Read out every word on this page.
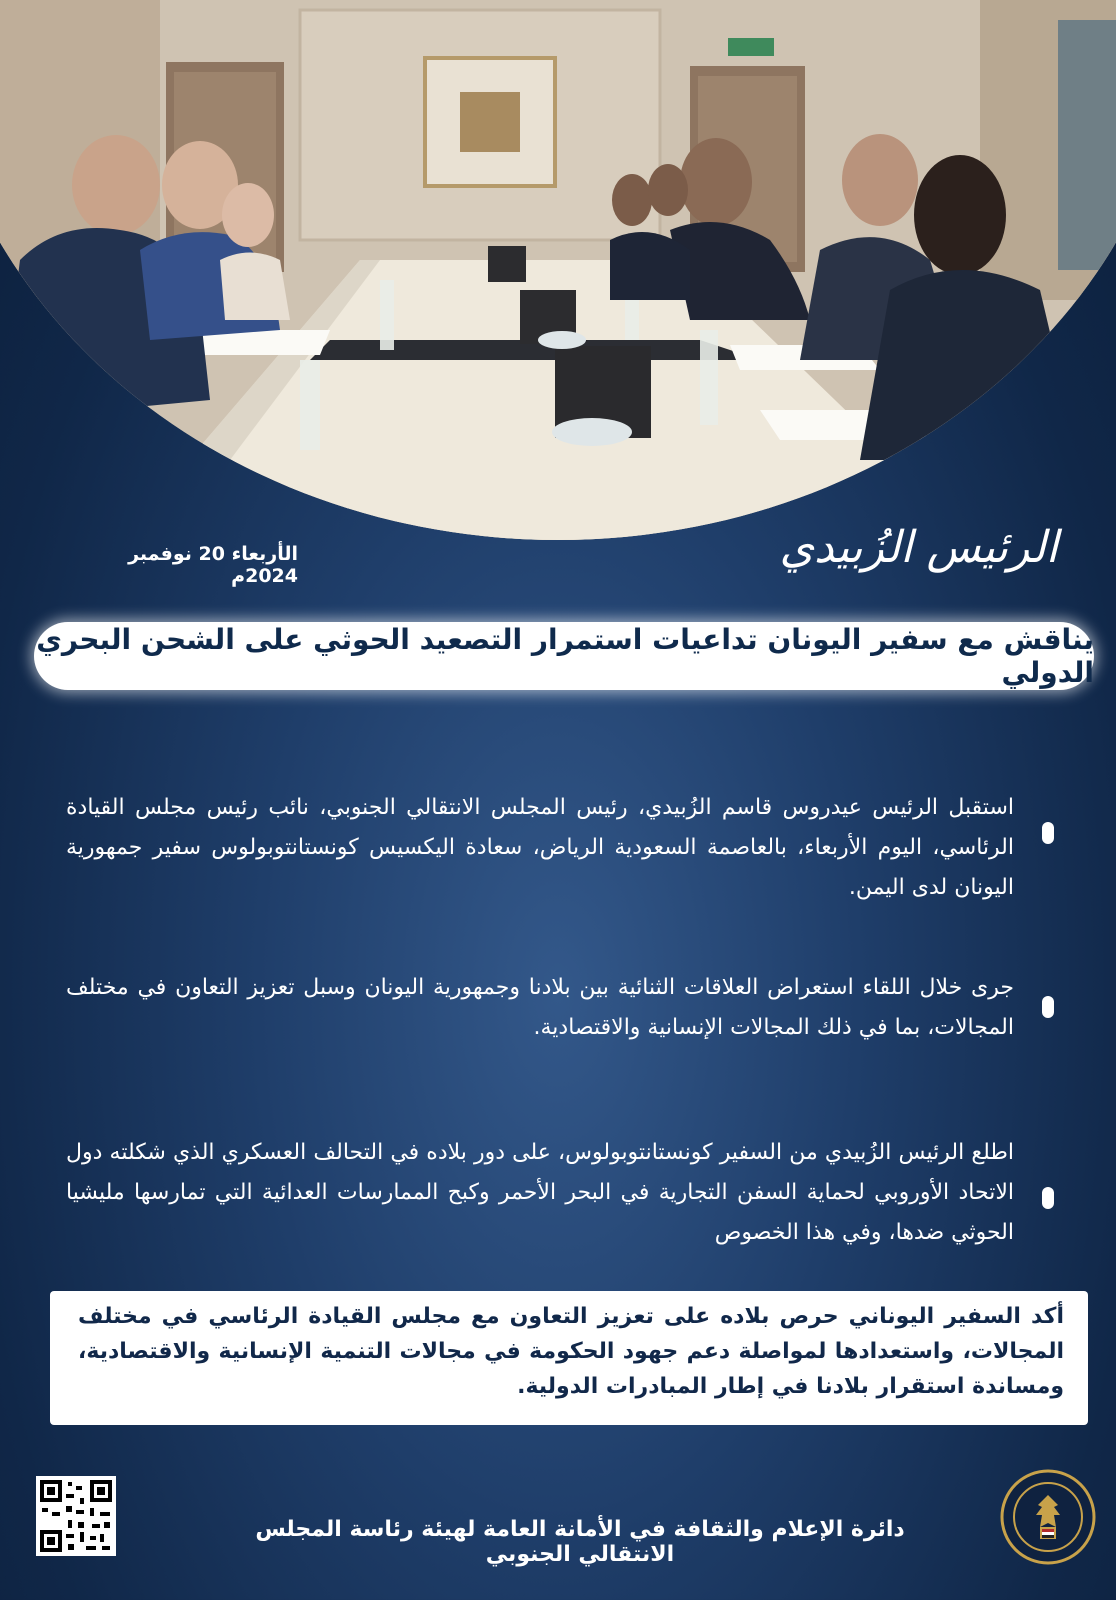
الأربعاء 20 نوفمبر 2024م
الرئيس الزُبيدي
يناقش مع سفير اليونان تداعيات استمرار التصعيد الحوثي على الشحن البحري الدولي
استقبل الرئيس عيدروس قاسم الزُبيدي، رئيس المجلس الانتقالي الجنوبي، نائب رئيس مجلس القيادة الرئاسي، اليوم الأربعاء، بالعاصمة السعودية الرياض، سعادة اليكسيس كونستانتوبولوس سفير جمهورية اليونان لدى اليمن.
جرى خلال اللقاء استعراض العلاقات الثنائية بين بلادنا وجمهورية اليونان وسبل تعزيز التعاون في مختلف المجالات، بما في ذلك المجالات الإنسانية والاقتصادية.
اطلع الرئيس الزُبيدي من السفير كونستانتوبولوس، على دور بلاده في التحالف العسكري الذي شكلته دول الاتحاد الأوروبي لحماية السفن التجارية في البحر الأحمر وكبح الممارسات العدائية التي تمارسها مليشيا الحوثي ضدها، وفي هذا الخصوص
أكد السفير اليوناني حرص بلاده على تعزيز التعاون مع مجلس القيادة الرئاسي في مختلف المجالات، واستعدادها لمواصلة دعم جهود الحكومة في مجالات التنمية الإنسانية والاقتصادية، ومساندة استقرار بلادنا في إطار المبادرات الدولية.
دائرة الإعلام والثقافة في الأمانة العامة لهيئة رئاسة المجلس الانتقالي الجنوبي
